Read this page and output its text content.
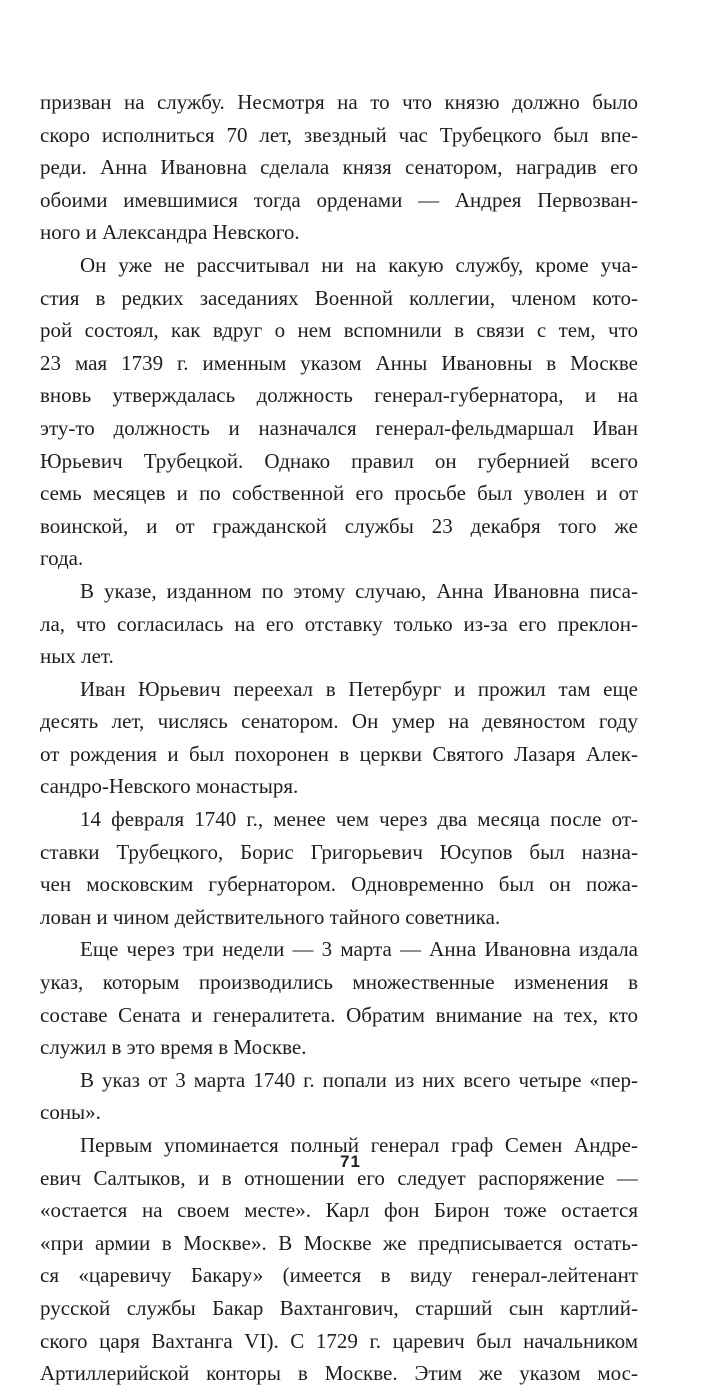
призван на службу. Несмотря на то что князю должно было
скоро исполниться 70 лет, звездный час Трубецкого был впе-
реди. Анна Ивановна сделала князя сенатором, наградив его
обоими имевшимися тогда орденами — Андрея Первозван-
ного и Александра Невского.
Он уже не рассчитывал ни на какую службу, кроме уча-
стия в редких заседаниях Военной коллегии, членом кото-
рой состоял, как вдруг о нем вспомнили в связи с тем, что
23 мая 1739 г. именным указом Анны Ивановны в Москве
вновь утверждалась должность генерал-губернатора, и на
эту-то должность и назначался генерал-фельдмаршал Иван
Юрьевич Трубецкой. Однако правил он губернией всего
семь месяцев и по собственной его просьбе был уволен и от
воинской, и от гражданской службы 23 декабря того же
года.
В указе, изданном по этому случаю, Анна Ивановна писа-
ла, что согласилась на его отставку только из-за его преклон-
ных лет.
Иван Юрьевич переехал в Петербург и прожил там еще
десять лет, числясь сенатором. Он умер на девяностом году
от рождения и был похоронен в церкви Святого Лазаря Алек-
сандро-Невского монастыря.
14 февраля 1740 г., менее чем через два месяца после от-
ставки Трубецкого, Борис Григорьевич Юсупов был назна-
чен московским губернатором. Одновременно был он пожа-
лован и чином действительного тайного советника.
Еще через три недели — 3 марта — Анна Ивановна издала
указ, которым производились множественные изменения в
составе Сената и генералитета. Обратим внимание на тех, кто
служил в это время в Москве.
В указ от 3 марта 1740 г. попали из них всего четыре «пер-
соны».
Первым упоминается полный генерал граф Семен Андре-
евич Салтыков, и в отношении его следует распоряжение —
«остается на своем месте». Карл фон Бирон тоже остается
«при армии в Москве». В Москве же предписывается остать-
ся «царевичу Бакару» (имеется в виду генерал-лейтенант
русской службы Бакар Вахтангович, старший сын картлий-
ского царя Вахтанга VI). С 1729 г. царевич был начальником
Артиллерийской конторы в Москве. Этим же указом мос-
71
